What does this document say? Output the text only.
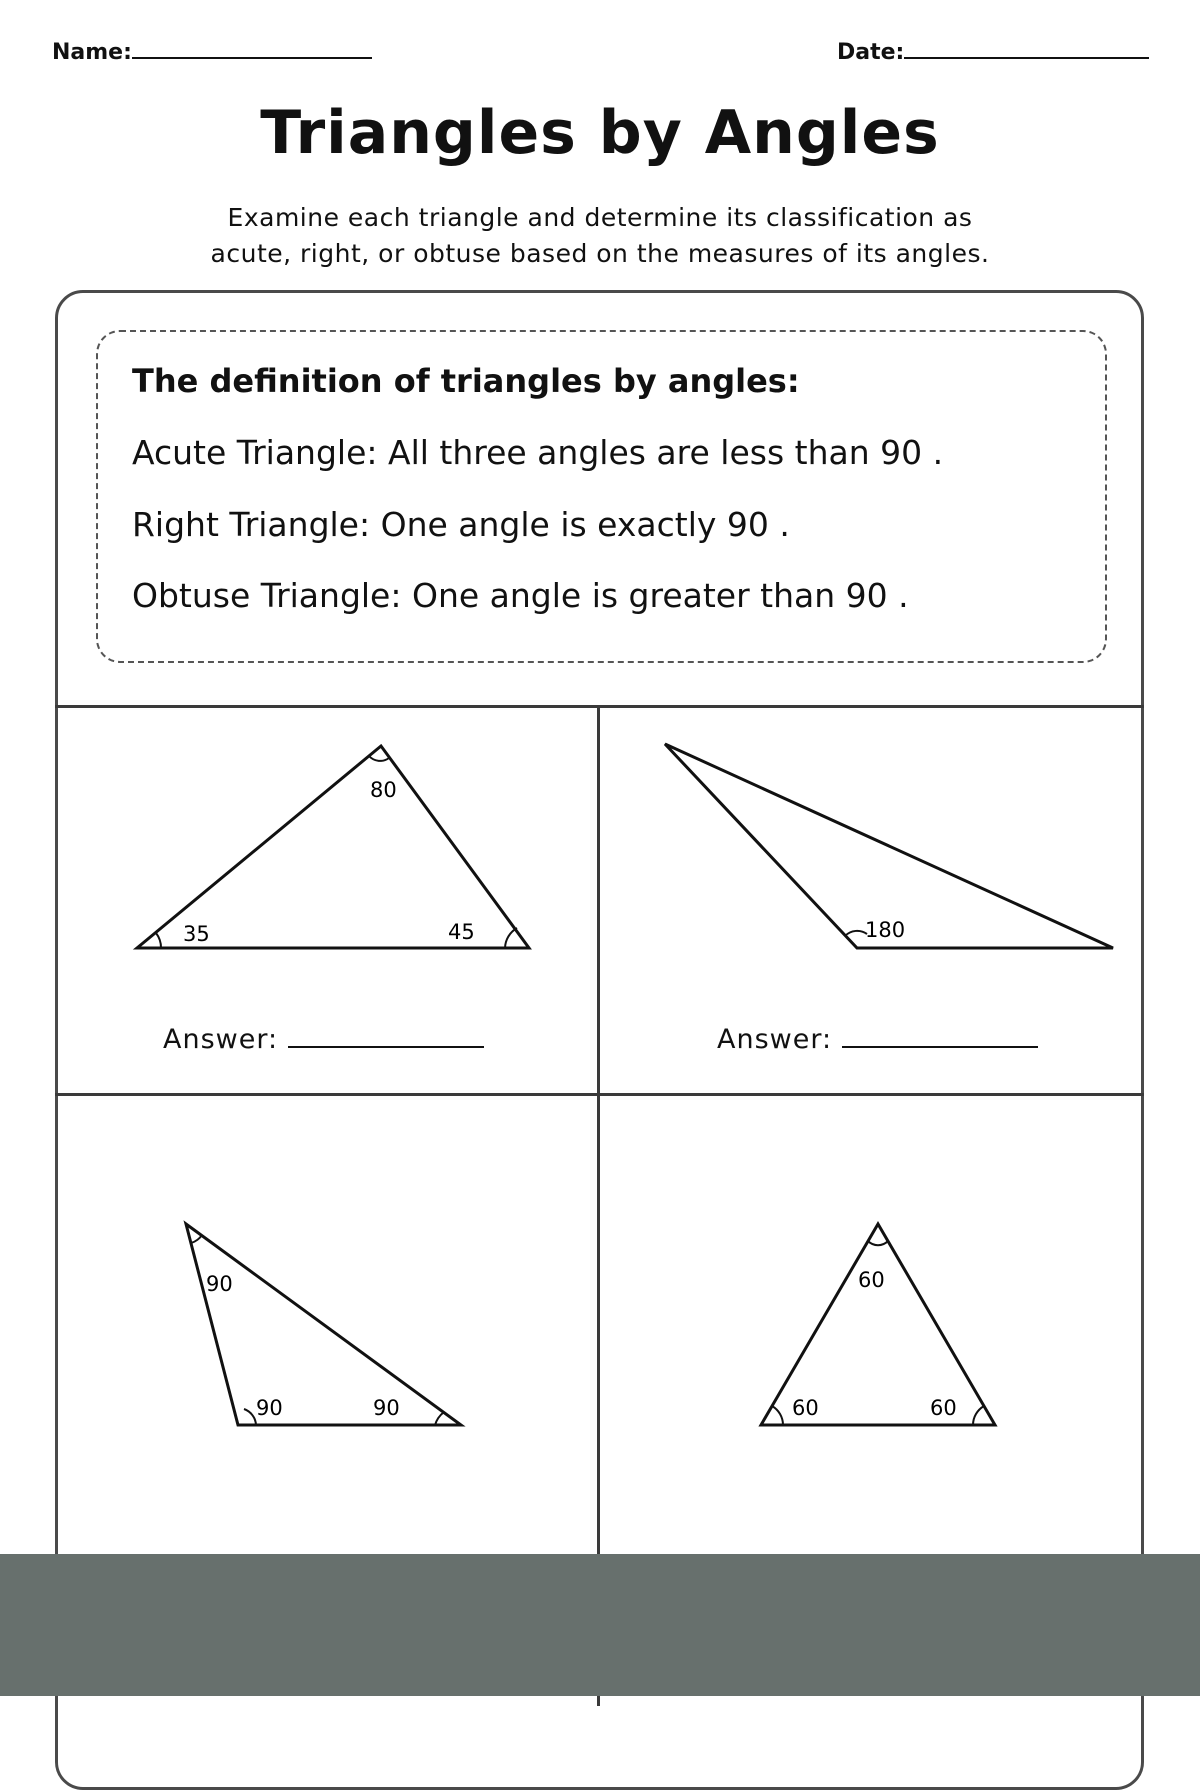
Name:	Date:
Triangles by Angles
Examine each triangle and determine its classification as
acute, right, or obtuse based on the measures of its angles.
The definition of triangles by angles:
Acute Triangle: All three angles are less than 90 .
Right Triangle: One angle is exactly 90 .
Obtuse Triangle: One angle is greater than 90 .
80
35	45
Answer:
180
Answer:
90
90	90
60
60	60
